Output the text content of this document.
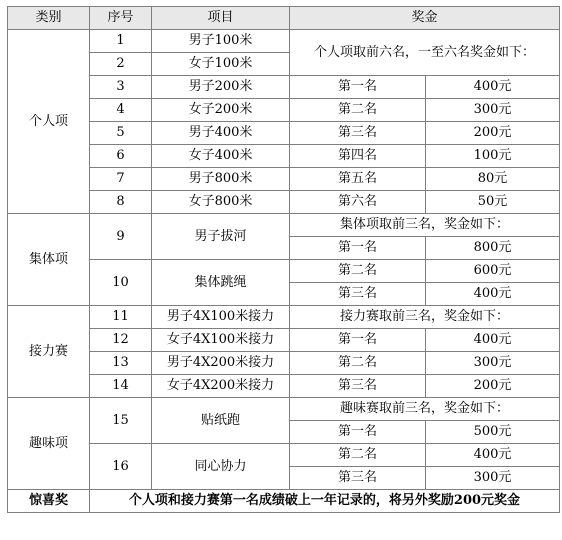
类别	序号	项目	奖金	
个人项	1	男子100米	个人项取前六名，一至六名奖金如下：	
	2	女子100米		
	3	男子200米	第一名	400元
	4	女子200米	第二名	300元
	5	男子400米	第三名	200元
	6	女子400米	第四名	100元
	7	男子800米	第五名	80元
	8	女子800米	第六名	50元
集体项	9	男子拔河	集体项取前三名，奖金如下：	
			第一名	800元
	10	集体跳绳	第二名	600元
			第三名	400元
接力赛	11	男子4X100米接力	接力赛取前三名，奖金如下：	
	12	女子4X100米接力	第一名	400元
	13	男子4X200米接力	第二名	300元
	14	女子4X200米接力	第三名	200元
趣味项	15	贴纸跑	趣味赛取前三名，奖金如下：	
			第一名	500元
	16	同心协力	第二名	400元
			第三名	300元
惊喜奖	个人项和接力赛第一名成绩破上一年记录的，将另外奖励200元奖金			
